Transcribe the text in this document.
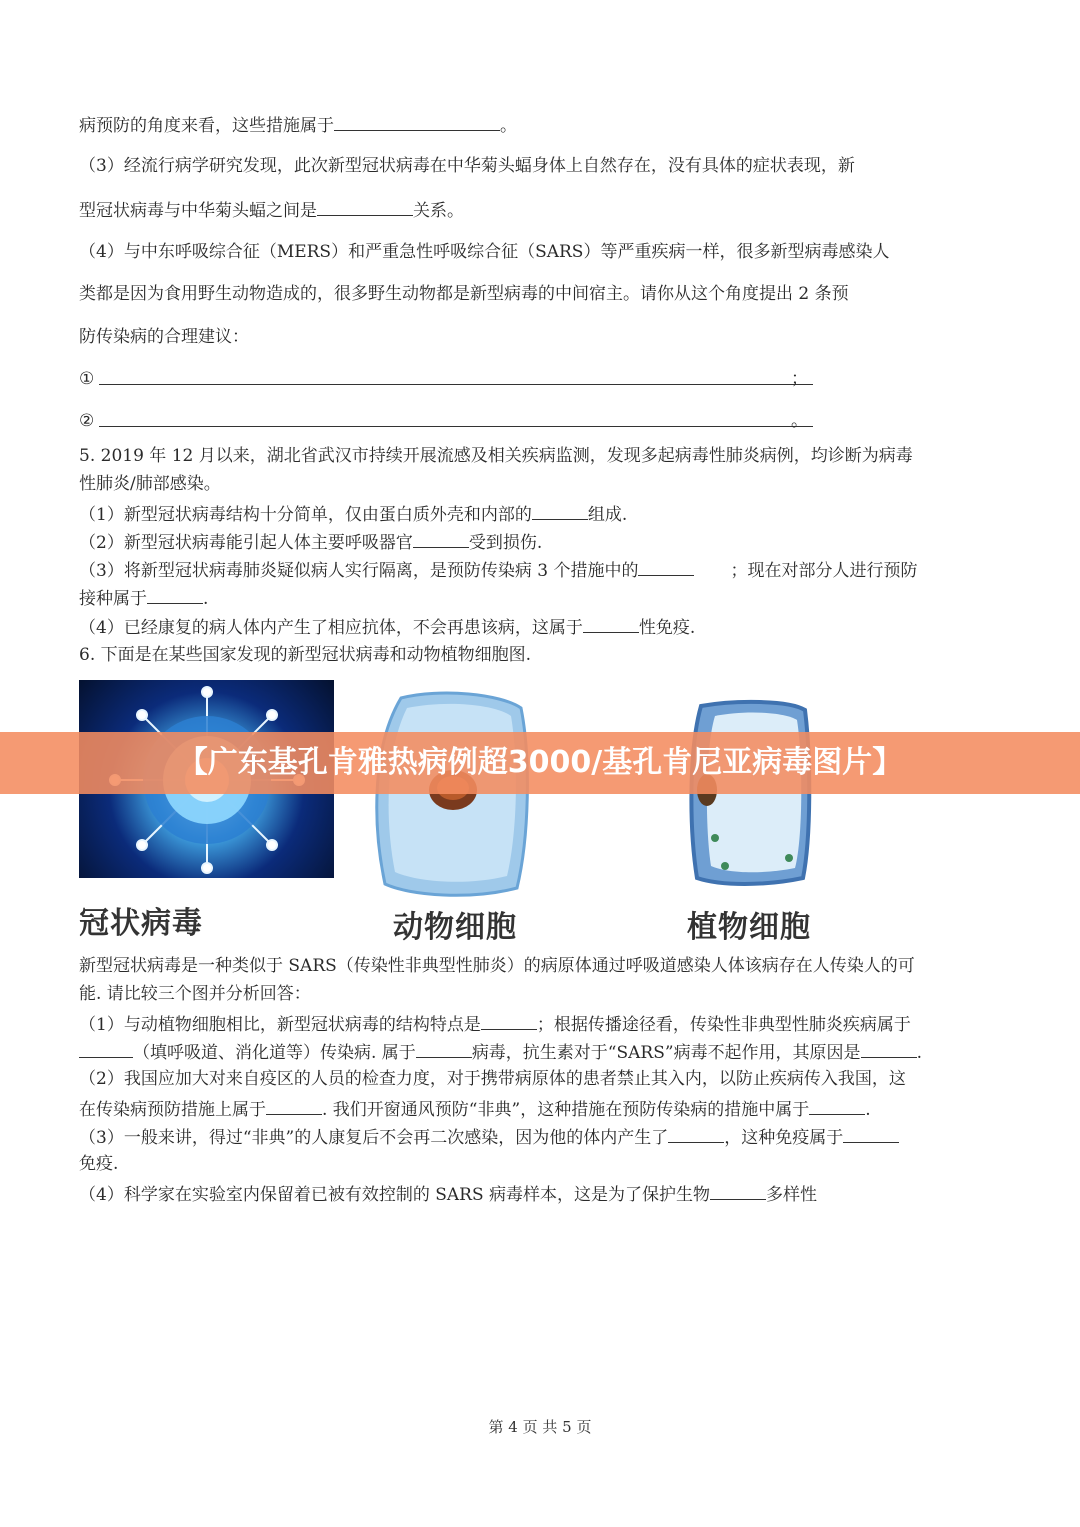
病预防的角度来看，这些措施属于	。
（3）经流行病学研究发现，此次新型冠状病毒在中华菊头蝠身体上自然存在，没有具体的症状表现，新
型冠状病毒与中华菊头蝠之间是	关系。
（4）与中东呼吸综合征（MERS）和严重急性呼吸综合征（SARS）等严重疾病一样，很多新型病毒感染人
类都是因为食用野生动物造成的，很多野生动物都是新型病毒的中间宿主。请你从这个角度提出 2 条预
防传染病的合理建议：
①	；
②	。
5. 2019 年 12 月以来，湖北省武汉市持续开展流感及相关疾病监测，发现多起病毒性肺炎病例，均诊断为病毒
性肺炎/肺部感染。
（1）新型冠状病毒结构十分简单，仅由蛋白质外壳和内部的	组成.
（2）新型冠状病毒能引起人体主要呼吸器官	受到损伤.
（3）将新型冠状病毒肺炎疑似病人实行隔离，是预防传染病 3 个措施中的	；现在对部分人进行预防
接种属于	.
（4）已经康复的病人体内产生了相应抗体，不会再患该病，这属于	性免疫.
6. 下面是在某些国家发现的新型冠状病毒和动物植物细胞图.
冠状病毒	动物细胞	植物细胞
新型冠状病毒是一种类似于 SARS（传染性非典型性肺炎）的病原体通过呼吸道感染人体该病存在人传染人的可
能. 请比较三个图并分析回答：
（1）与动植物细胞相比，新型冠状病毒的结构特点是	；根据传播途径看，传染性非典型性肺炎疾病属于
（填呼吸道、消化道等）传染病. 属于	病毒，抗生素对于“SARS”病毒不起作用，其原因是	.
（2）我国应加大对来自疫区的人员的检查力度，对于携带病原体的患者禁止其入内，以防止疾病传入我国，这
在传染病预防措施上属于	. 我们开窗通风预防“非典”，这种措施在预防传染病的措施中属于	.
（3）一般来讲，得过“非典”的人康复后不会再二次感染，因为他的体内产生了	，这种免疫属于
免疫.
（4）科学家在实验室内保留着已被有效控制的 SARS 病毒样本，这是为了保护生物	多样性
第 4 页 共 5 页
【广东基孔肯雅热病例超3000/基孔肯尼亚病毒图片】
